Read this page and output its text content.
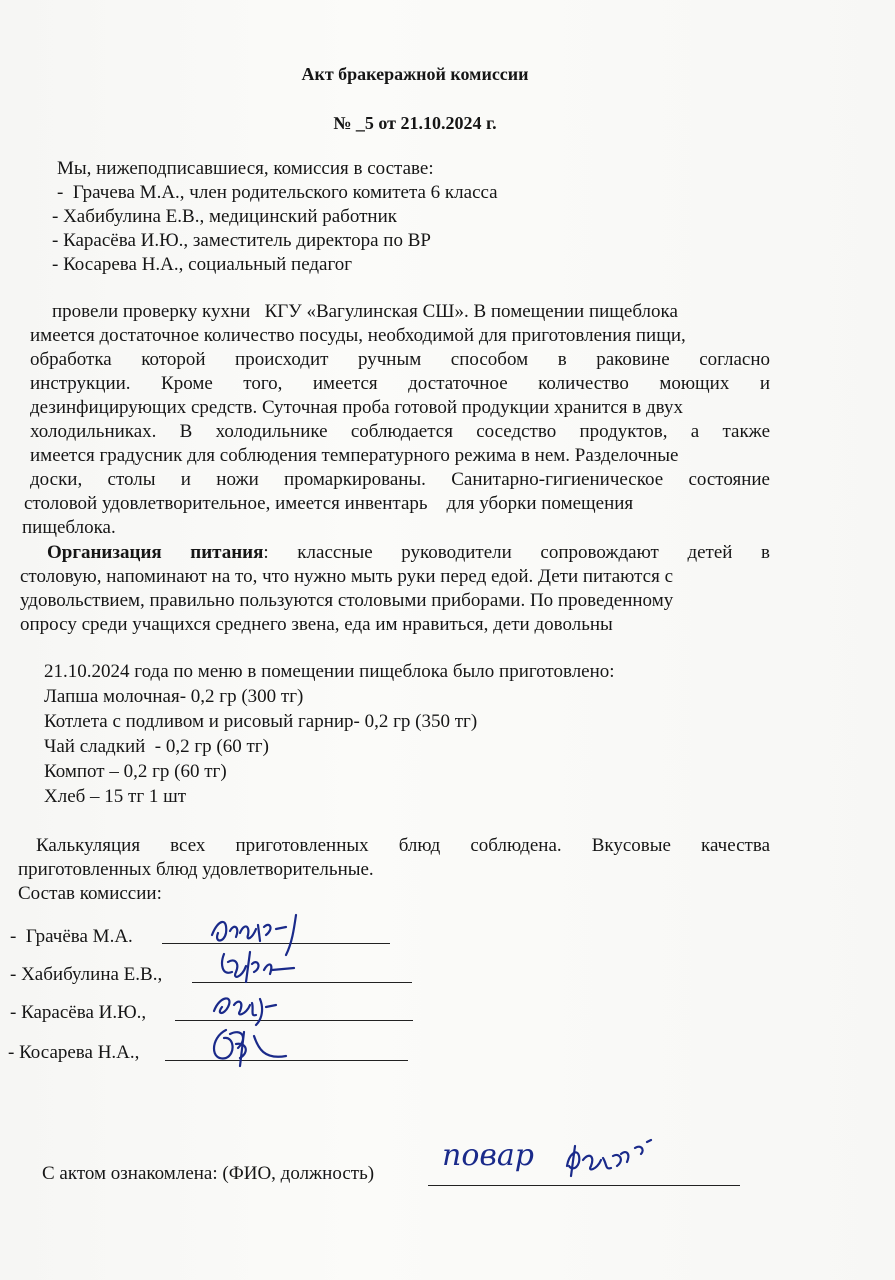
Акт бракеражной комиссии
№ _5 от 21.10.2024 г.
Мы, нижеподписавшиеся, комиссия в составе:
-  Грачева М.А., член родительского комитета 6 класса
- Хабибулина Е.В., медицинский работник
- Карасёва И.Ю., заместитель директора по ВР
- Косарева Н.А., социальный педагог
провели проверку кухни   КГУ «Вагулинская СШ». В помещении пищеблока
имеется достаточное количество посуды, необходимой для приготовления пищи,
обработка которой происходит ручным способом в раковине согласно
инструкции. Кроме того, имеется достаточное количество моющих и
дезинфицирующих средств. Суточная проба готовой продукции хранится в двух
холодильниках. В холодильнике соблюдается соседство продуктов, а также
имеется градусник для соблюдения температурного режима в нем. Разделочные
доски, столы и ножи промаркированы. Санитарно-гигиеническое состояние
столовой удовлетворительное, имеется инвентарь    для уборки помещения
пищеблока.
Организация питания: классные руководители сопровождают детей в
столовую, напоминают на то, что нужно мыть руки перед едой. Дети питаются с
удовольствием, правильно пользуются столовыми приборами. По проведенному
опросу среди учащихся среднего звена, еда им нравиться, дети довольны
21.10.2024 года по меню в помещении пищеблока было приготовлено:
Лапша молочная- 0,2 гр (300 тг)
Котлета с подливом и рисовый гарнир- 0,2 гр (350 тг)
Чай сладкий  - 0,2 гр (60 тг)
Компот – 0,2 гр (60 тг)
Хлеб – 15 тг 1 шт
Калькуляция всех приготовленных блюд соблюдена. Вкусовые качества
приготовленных блюд удовлетворительные.
Состав комиссии:
-  Грачёва М.А.
- Хабибулина Е.В.,
- Карасёва И.Ю.,
- Косарева Н.А.,
С актом ознакомлена: (ФИО, должность)
повар
